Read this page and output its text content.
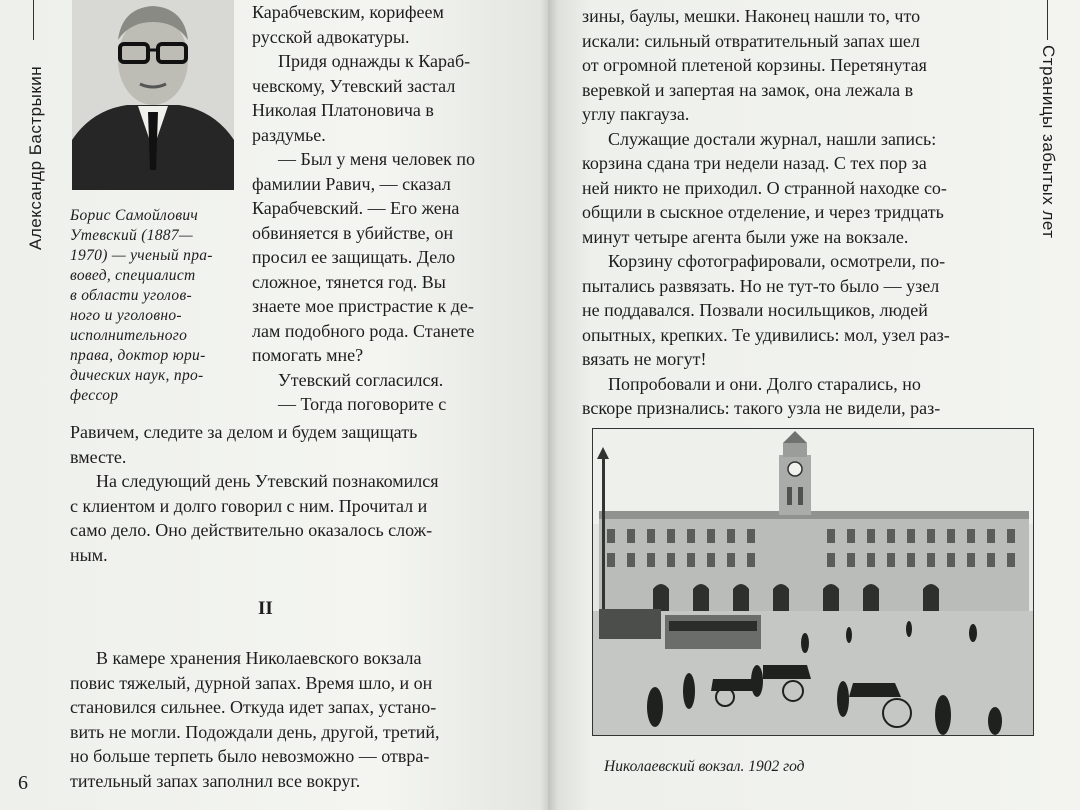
Александр Бастрыкин Борис Самойлович
Утевский (1887—
1970) — ученый пра-
вовед, специалист
в области уголов-
ного и уголовно-
исполнительного
права, доктор юри-
дических наук, про-
фессор
Карабчевским, корифеем
русской адвокатуры.
Придя однажды к Караб-
чевскому, Утевский застал
Николая Платоновича в
раздумье.
— Был у меня человек по
фамилии Равич, — сказал
Карабчевский. — Его жена
обвиняется в убийстве, он
просил ее защищать. Дело
сложное, тянется год. Вы
знаете мое пристрастие к де-
лам подобного рода. Станете
помогать мне?
Утевский согласился.
— Тогда поговорите с
Равичем, следите за делом и будем защищать
вместе.
На следующий день Утевский познакомился
с клиентом и долго говорил с ним. Прочитал и
само дело. Оно действительно оказалось слож-
ным.
II
В камере хранения Николаевского вокзала
повис тяжелый, дурной запах. Время шло, и он
становился сильнее. Откуда идет запах, устано-
вить не могли. Подождали день, другой, третий,
но больше терпеть было невозможно — отвра-
тительный запах заполнил все вокруг.
6
Страницы забытых лет
зины, баулы, мешки. Наконец нашли то, что
искали: сильный отвратительный запах шел
от огромной плетеной корзины. Перетянутая
веревкой и запертая на замок, она лежала в
углу пакгауза.
Служащие достали журнал, нашли запись:
корзина сдана три недели назад. С тех пор за
ней никто не приходил. О странной находке со-
общили в сыскное отделение, и через тридцать
минут четыре агента были уже на вокзале.
Корзину сфотографировали, осмотрели, по-
пытались развязать. Но не тут-то было — узел
не поддавался. Позвали носильщиков, людей
опытных, крепких. Те удивились: мол, узел раз-
вязать не могут!
Попробовали и они. Долго старались, но
вскоре признались: такого узла не видели, раз-
Николаевский вокзал. 1902 год
